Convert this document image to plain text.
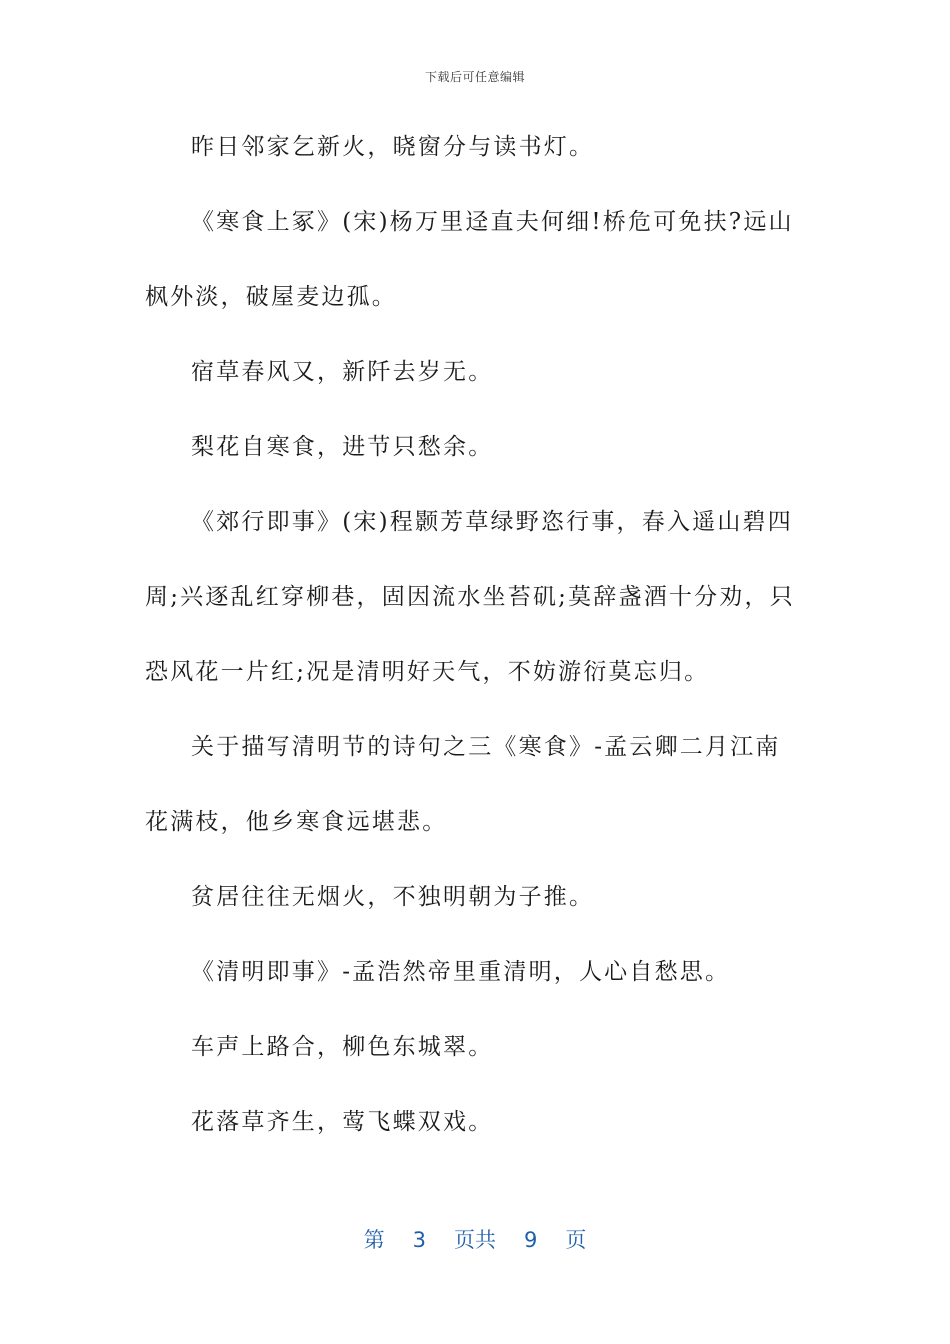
下载后可任意编辑

昨日邻家乞新火，晓窗分与读书灯。

《寒食上冢》(宋)杨万里迳直夫何细!桥危可免扶?远山枫外淡，破屋麦边孤。

宿草春风又，新阡去岁无。

梨花自寒食，进节只愁余。

《郊行即事》(宋)程颢芳草绿野恣行事，春入遥山碧四周;兴逐乱红穿柳巷，固因流水坐苔矶;莫辞盏酒十分劝，只恐风花一片红;况是清明好天气，不妨游衍莫忘归。

关于描写清明节的诗句之三《寒食》-孟云卿二月江南花满枝，他乡寒食远堪悲。

贫居往往无烟火，不独明朝为子推。

《清明即事》-孟浩然帝里重清明，人心自愁思。

车声上路合，柳色东城翠。

花落草齐生，莺飞蝶双戏。

第 3 页共 9 页
